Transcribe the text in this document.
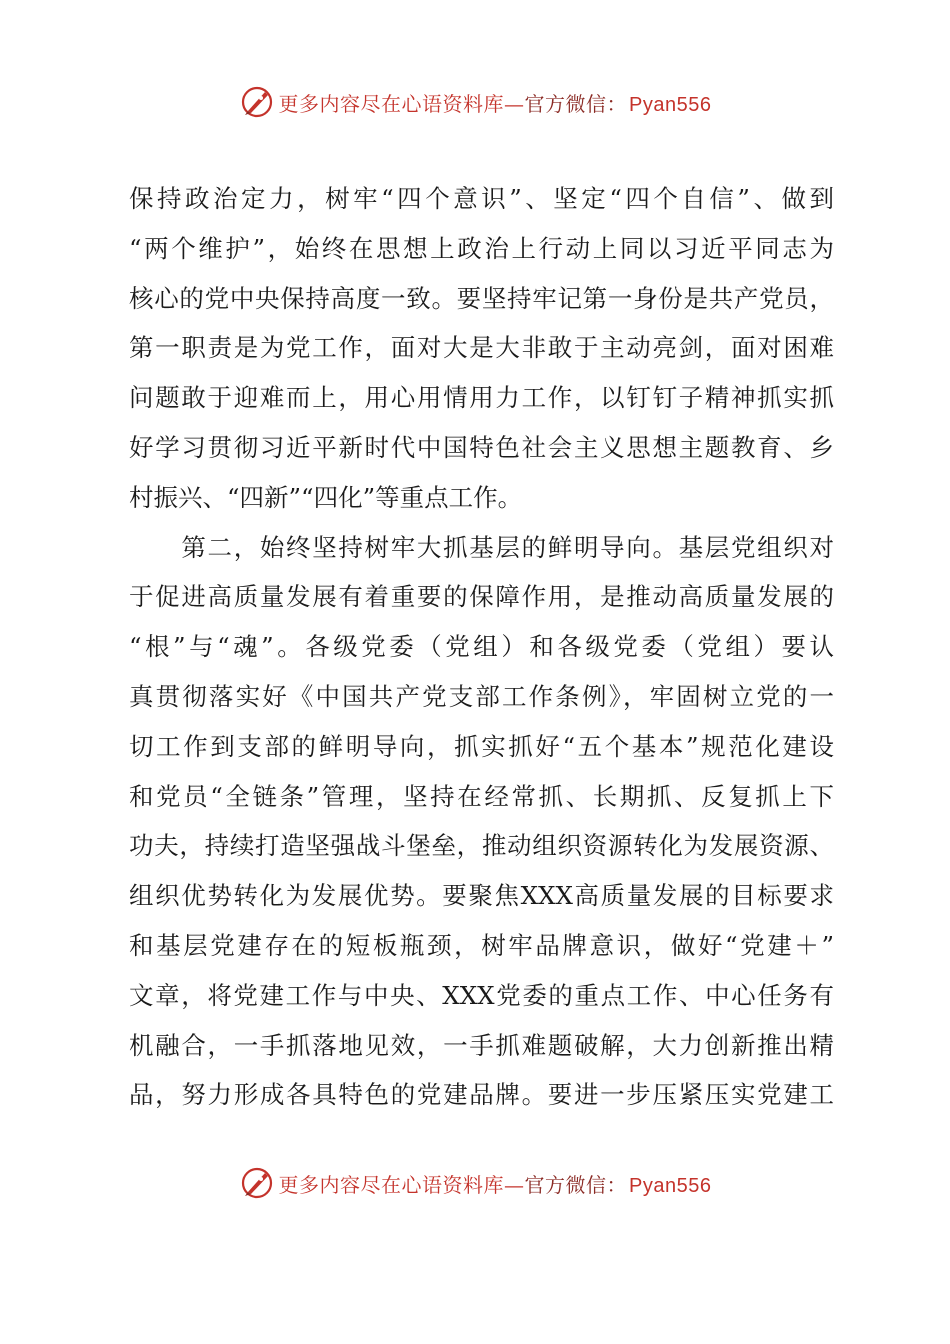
更多内容尽在心语资料库—官方微信： Pyan556
保持政治定力，树牢“四个意识”、坚定“四个自信”、做到
“两个维护”，始终在思想上政治上行动上同以习近平同志为
核心的党中央保持高度一致。要坚持牢记第一身份是共产党员，
第一职责是为党工作，面对大是大非敢于主动亮剑，面对困难
问题敢于迎难而上，用心用情用力工作，以钉钉子精神抓实抓
好学习贯彻习近平新时代中国特色社会主义思想主题教育、乡
村振兴、“四新”“四化”等重点工作。
　　第二，始终坚持树牢大抓基层的鲜明导向。基层党组织对
于促进高质量发展有着重要的保障作用，是推动高质量发展的
“根”与“魂”。各级党委（党组）和各级党委（党组）要认
真贯彻落实好《中国共产党支部工作条例》，牢固树立党的一
切工作到支部的鲜明导向，抓实抓好“五个基本”规范化建设
和党员“全链条”管理，坚持在经常抓、长期抓、反复抓上下
功夫，持续打造坚强战斗堡垒，推动组织资源转化为发展资源、
组织优势转化为发展优势。要聚焦XXX高质量发展的目标要求
和基层党建存在的短板瓶颈，树牢品牌意识，做好“党建＋”
文章，将党建工作与中央、XXX党委的重点工作、中心任务有
机融合，一手抓落地见效，一手抓难题破解，大力创新推出精
品，努力形成各具特色的党建品牌。要进一步压紧压实党建工
更多内容尽在心语资料库—官方微信： Pyan556
